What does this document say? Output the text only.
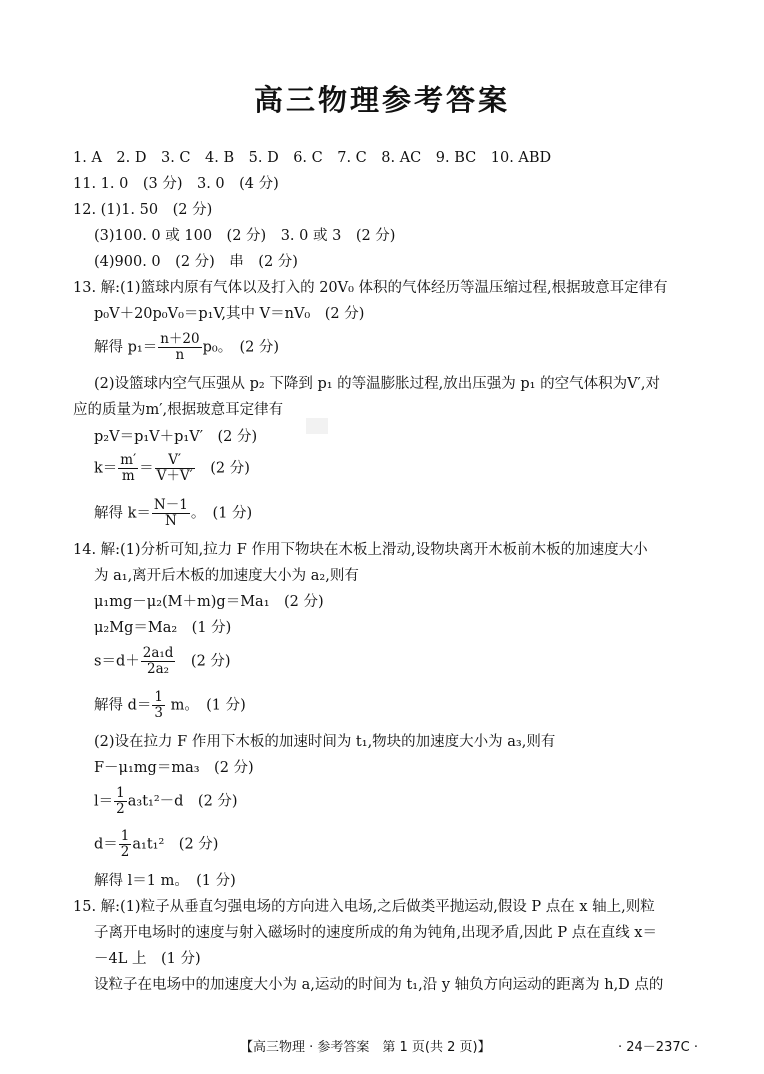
高三物理参考答案
1. A　2. D　3. C　4. B　5. D　6. C　7. C　8. AC　9. BC　10. ABD
11. 1. 0　(3 分)　3. 0　(4 分)
12. (1)1. 50　(2 分)
(3)100. 0 或 100　(2 分)　3. 0 或 3　(2 分)
(4)900. 0　(2 分)　串　(2 分)
13. 解:(1)篮球内原有气体以及打入的 20V₀ 体积的气体经历等温压缩过程,根据玻意耳定律有
p₀V＋20p₀V₀＝p₁V,其中 V＝nV₀　(2 分)
解得 $p_1= \frac{n+20}{n} p_0$。　(2 分)
(2)设篮球内空气压强从 p₂ 下降到 p₁ 的等温膨胀过程,放出压强为 p₁ 的空气体积为V′,对
应的质量为m′,根据玻意耳定律有
p₂V＝p₁V＋p₁V′　(2 分)
$k= \frac{m'}{m} = \frac{V'}{V+V'}$ 　(2 分)
解得 $k= \frac{N-1}{N}$ 。　(1 分)
14. 解:(1)分析可知,拉力 F 作用下物块在木板上滑动,设物块离开木板前木板的加速度大小
为 a₁,离开后木板的加速度大小为 a₂,则有
μ₁mg－μ₂(M＋m)g＝Ma₁　(2 分)
μ₂Mg＝Ma₂　(1 分)
$s=d+ \frac{\text{2a₁d}}{\text{2a₂}}$ 　(2 分)
解得 $d= \frac{1}{3}$ m。　(1 分)
(2)设在拉力 F 作用下木板的加速时间为 t₁,物块的加速度大小为 a₃,则有
F－μ₁mg＝ma₃　(2 分)
$l= \frac{1}{2} a_3t_1^2-d$　(2 分)
$d= \frac{1}{2} a_1t_1^2$　(2 分)
解得 l＝1 m。　(1 分)
15. 解:(1)粒子从垂直匀强电场的方向进入电场,之后做类平抛运动,假设 P 点在 x 轴上,则粒
子离开电场时的速度与射入磁场时的速度所成的角为钝角,出现矛盾,因此 P 点在直线 x＝
－4L 上　(1 分)
设粒子在电场中的加速度大小为 a,运动的时间为 t₁,沿 y 轴负方向运动的距离为 h,D 点的
【高三物理 · 参考答案　第 1 页(共 2 页)】	· 24－237C ·
